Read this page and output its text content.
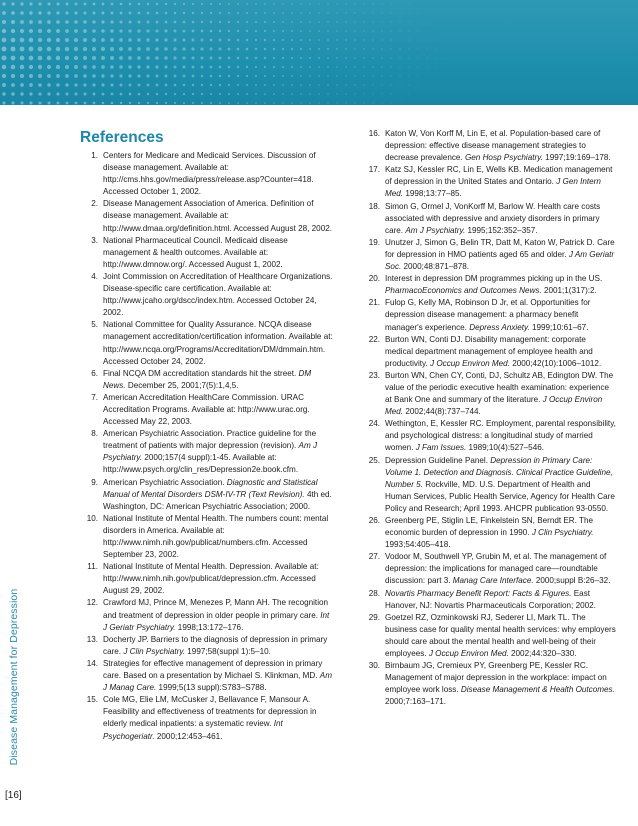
Disease Management for Depression
[16]
References
1. Centers for Medicare and Medicaid Services. Discussion of disease management. Available at: http://cms.hhs.gov/media/press/release.asp?Counter=418. Accessed October 1, 2002.
2. Disease Management Association of America. Definition of disease management. Available at: http://www.dmaa.org/definition.html. Accessed August 28, 2002.
3. National Pharmaceutical Council. Medicaid disease management & health outcomes. Available at: http://www.dmnow.org/. Accessed August 1, 2002.
4. Joint Commission on Accreditation of Healthcare Organizations. Disease-specific care certification. Available at: http://www.jcaho.org/dscc/index.htm. Accessed October 24, 2002.
5. National Committee for Quality Assurance. NCQA disease management accreditation/certification information. Available at: http://www.ncqa.org/Programs/Accreditation/DM/dmmain.htm. Accessed October 24, 2002.
6. Final NCQA DM accreditation standards hit the street. DM News. December 25, 2001;7(5):1,4,5.
7. American Accreditation HealthCare Commission. URAC Accreditation Programs. Available at: http://www.urac.org. Accessed May 22, 2003.
8. American Psychiatric Association. Practice guideline for the treatment of patients with major depression (revision). Am J Psychiatry. 2000;157(4 suppl):1-45. Available at: http://www.psych.org/clin_res/Depression2e.book.cfm.
9. American Psychiatric Association. Diagnostic and Statistical Manual of Mental Disorders DSM-IV-TR (Text Revision). 4th ed. Washington, DC: American Psychiatric Association; 2000.
10. National Institute of Mental Health. The numbers count: mental disorders in America. Available at: http://www.nimh.nih.gov/publicat/numbers.cfm. Accessed September 23, 2002.
11. National Institute of Mental Health. Depression. Available at: http://www.nimh.nih.gov/publicat/depression.cfm. Accessed August 29, 2002.
12. Crawford MJ, Prince M, Menezes P, Mann AH. The recognition and treatment of depression in older people in primary care. Int J Geriatr Psychiatry. 1998;13:172–176.
13. Docherty JP. Barriers to the diagnosis of depression in primary care. J Clin Psychiatry. 1997;58(suppl 1):5–10.
14. Strategies for effective management of depression in primary care. Based on a presentation by Michael S. Klinkman, MD. Am J Manag Care. 1999;5(13 suppl):S783–S788.
15. Cole MG, Elie LM, McCusker J, Bellavance F, Mansour A. Feasibility and effectiveness of treatments for depression in elderly medical inpatients: a systematic review. Int Psychogeriatr. 2000;12:453–461.
16. Katon W, Von Korff M, Lin E, et al. Population-based care of depression: effective disease management strategies to decrease prevalence. Gen Hosp Psychiatry. 1997;19:169–178.
17. Katz SJ, Kessler RC, Lin E, Wells KB. Medication management of depression in the United States and Ontario. J Gen Intern Med. 1998;13:77–85.
18. Simon G, Ormel J, VonKorff M, Barlow W. Health care costs associated with depressive and anxiety disorders in primary care. Am J Psychiatry. 1995;152:352–357.
19. Unutzer J, Simon G, Belin TR, Datt M, Katon W, Patrick D. Care for depression in HMO patients aged 65 and older. J Am Geriatr Soc. 2000;48:871–878.
20. Interest in depression DM programmes picking up in the US. PharmacoEconomics and Outcomes News. 2001;1(317):2.
21. Fulop G, Kelly MA, Robinson D Jr, et al. Opportunities for depression disease management: a pharmacy benefit manager's experience. Depress Anxiety. 1999;10:61–67.
22. Burton WN, Conti DJ. Disability management: corporate medical department management of employee health and productivity. J Occup Environ Med. 2000;42(10):1006–1012.
23. Burton WN, Chen CY, Conti, DJ, Schultz AB, Edington DW. The value of the periodic executive health examination: experience at Bank One and summary of the literature. J Occup Environ Med. 2002;44(8):737–744.
24. Wethington, E, Kessler RC. Employment, parental responsibility, and psychological distress: a longitudinal study of married women. J Fam Issues. 1989;10(4):527–546.
25. Depression Guideline Panel. Depression in Primary Care: Volume 1. Detection and Diagnosis. Clinical Practice Guideline, Number 5. Rockville, MD. U.S. Department of Health and Human Services, Public Health Service, Agency for Health Care Policy and Research; April 1993. AHCPR publication 93-0550.
26. Greenberg PE, Stiglin LE, Finkelstein SN, Berndt ER. The economic burden of depression in 1990. J Clin Psychiatry. 1993;54:405–418.
27. Vodoor M, Southwell YP, Grubin M, et al. The management of depression: the implications for managed care—roundtable discussion: part 3. Manag Care Interface. 2000;suppl B:26–32.
28. Novartis Pharmacy Benefit Report: Facts & Figures. East Hanover, NJ: Novartis Pharmaceuticals Corporation; 2002.
29. Goetzel RZ, Ozminkowski RJ, Sederer LI, Mark TL. The business case for quality mental health services: why employers should care about the mental health and well-being of their employees. J Occup Environ Med. 2002;44:320–330.
30. Birnbaum JG, Cremieux PY, Greenberg PE, Kessler RC. Management of major depression in the workplace: impact on employee work loss. Disease Management & Health Outcomes. 2000;7:163–171.
